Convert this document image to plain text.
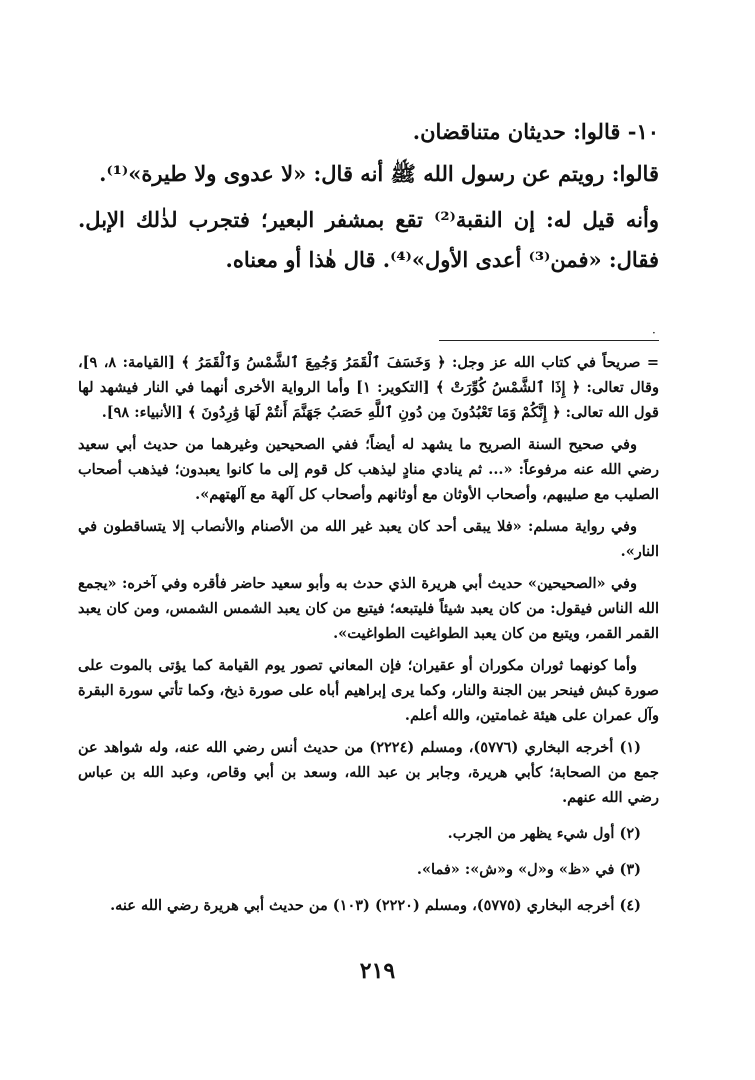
١٠- قالوا: حديثان متناقضان.

قالوا: رويتم عن رسول الله ﷺ أنه قال: «لا عدوى ولا طيرة»⁽¹⁾.

وأنه قيل له: إن النقبة⁽²⁾ تقع بمشفر البعير؛ فتجرب لذٰلك الإبل. فقال: «فمن⁽³⁾ أعدى الأول»⁽⁴⁾. قال هٰذا أو معناه.

·

= صريحاً في كتاب الله عز وجل: ﴿ وَخَسَفَ ٱلْقَمَرُ وَجُمِعَ ٱلشَّمْسُ وَٱلْقَمَرُ ﴾ [القيامة: ٨، ٩]، وقال تعالى: ﴿ إِذَا ٱلشَّمْسُ كُوِّرَتْ ﴾ [التكوير: ١] وأما الرواية الأخرى أنهما في النار فيشهد لها قول الله تعالى: ﴿ إِنَّكُمْ وَمَا تَعْبُدُونَ مِن دُونِ ٱللَّهِ حَصَبُ جَهَنَّمَ أَنتُمْ لَهَا وَٰرِدُونَ ﴾ [الأنبياء: ٩٨].

وفي صحيح السنة الصريح ما يشهد له أيضاً؛ ففي الصحيحين وغيرهما من حديث أبي سعيد رضي الله عنه مرفوعاً: «... ثم ينادي منادٍ ليذهب كل قوم إلى ما كانوا يعبدون؛ فيذهب أصحاب الصليب مع صليبهم، وأصحاب الأوثان مع أوثانهم وأصحاب كل آلهة مع آلهتهم».

وفي رواية مسلم: «فلا يبقى أحد كان يعبد غير الله من الأصنام والأنصاب إلا يتساقطون في النار».

وفي «الصحيحين» حديث أبي هريرة الذي حدث به وأبو سعيد حاضر فأقره وفي آخره: «يجمع الله الناس فيقول: من كان يعبد شيئاً فليتبعه؛ فيتبع من كان يعبد الشمس الشمس، ومن كان يعبد القمر القمر، ويتبع من كان يعبد الطواغيت الطواغيت».

وأما كونهما ثوران مكوران أو عقيران؛ فإن المعاني تصور يوم القيامة كما يؤتى بالموت على صورة كبش فينحر بين الجنة والنار، وكما يرى إبراهيم أباه على صورة ذيخ، وكما تأتي سورة البقرة وآل عمران على هيئة غمامتين، والله أعلم.

(١) أخرجه البخاري (٥٧٧٦)، ومسلم (٢٢٢٤) من حديث أنس رضي الله عنه، وله شواهد عن جمع من الصحابة؛ كأبي هريرة، وجابر بن عبد الله، وسعد بن أبي وقاص، وعبد الله بن عباس رضي الله عنهم.

(٢) أول شيء يظهر من الجرب.

(٣) في «ظ» و«ل» و«ش»: «فما».

(٤) أخرجه البخاري (٥٧٧٥)، ومسلم (٢٢٢٠) (١٠٣) من حديث أبي هريرة رضي الله عنه.

٢١٩
